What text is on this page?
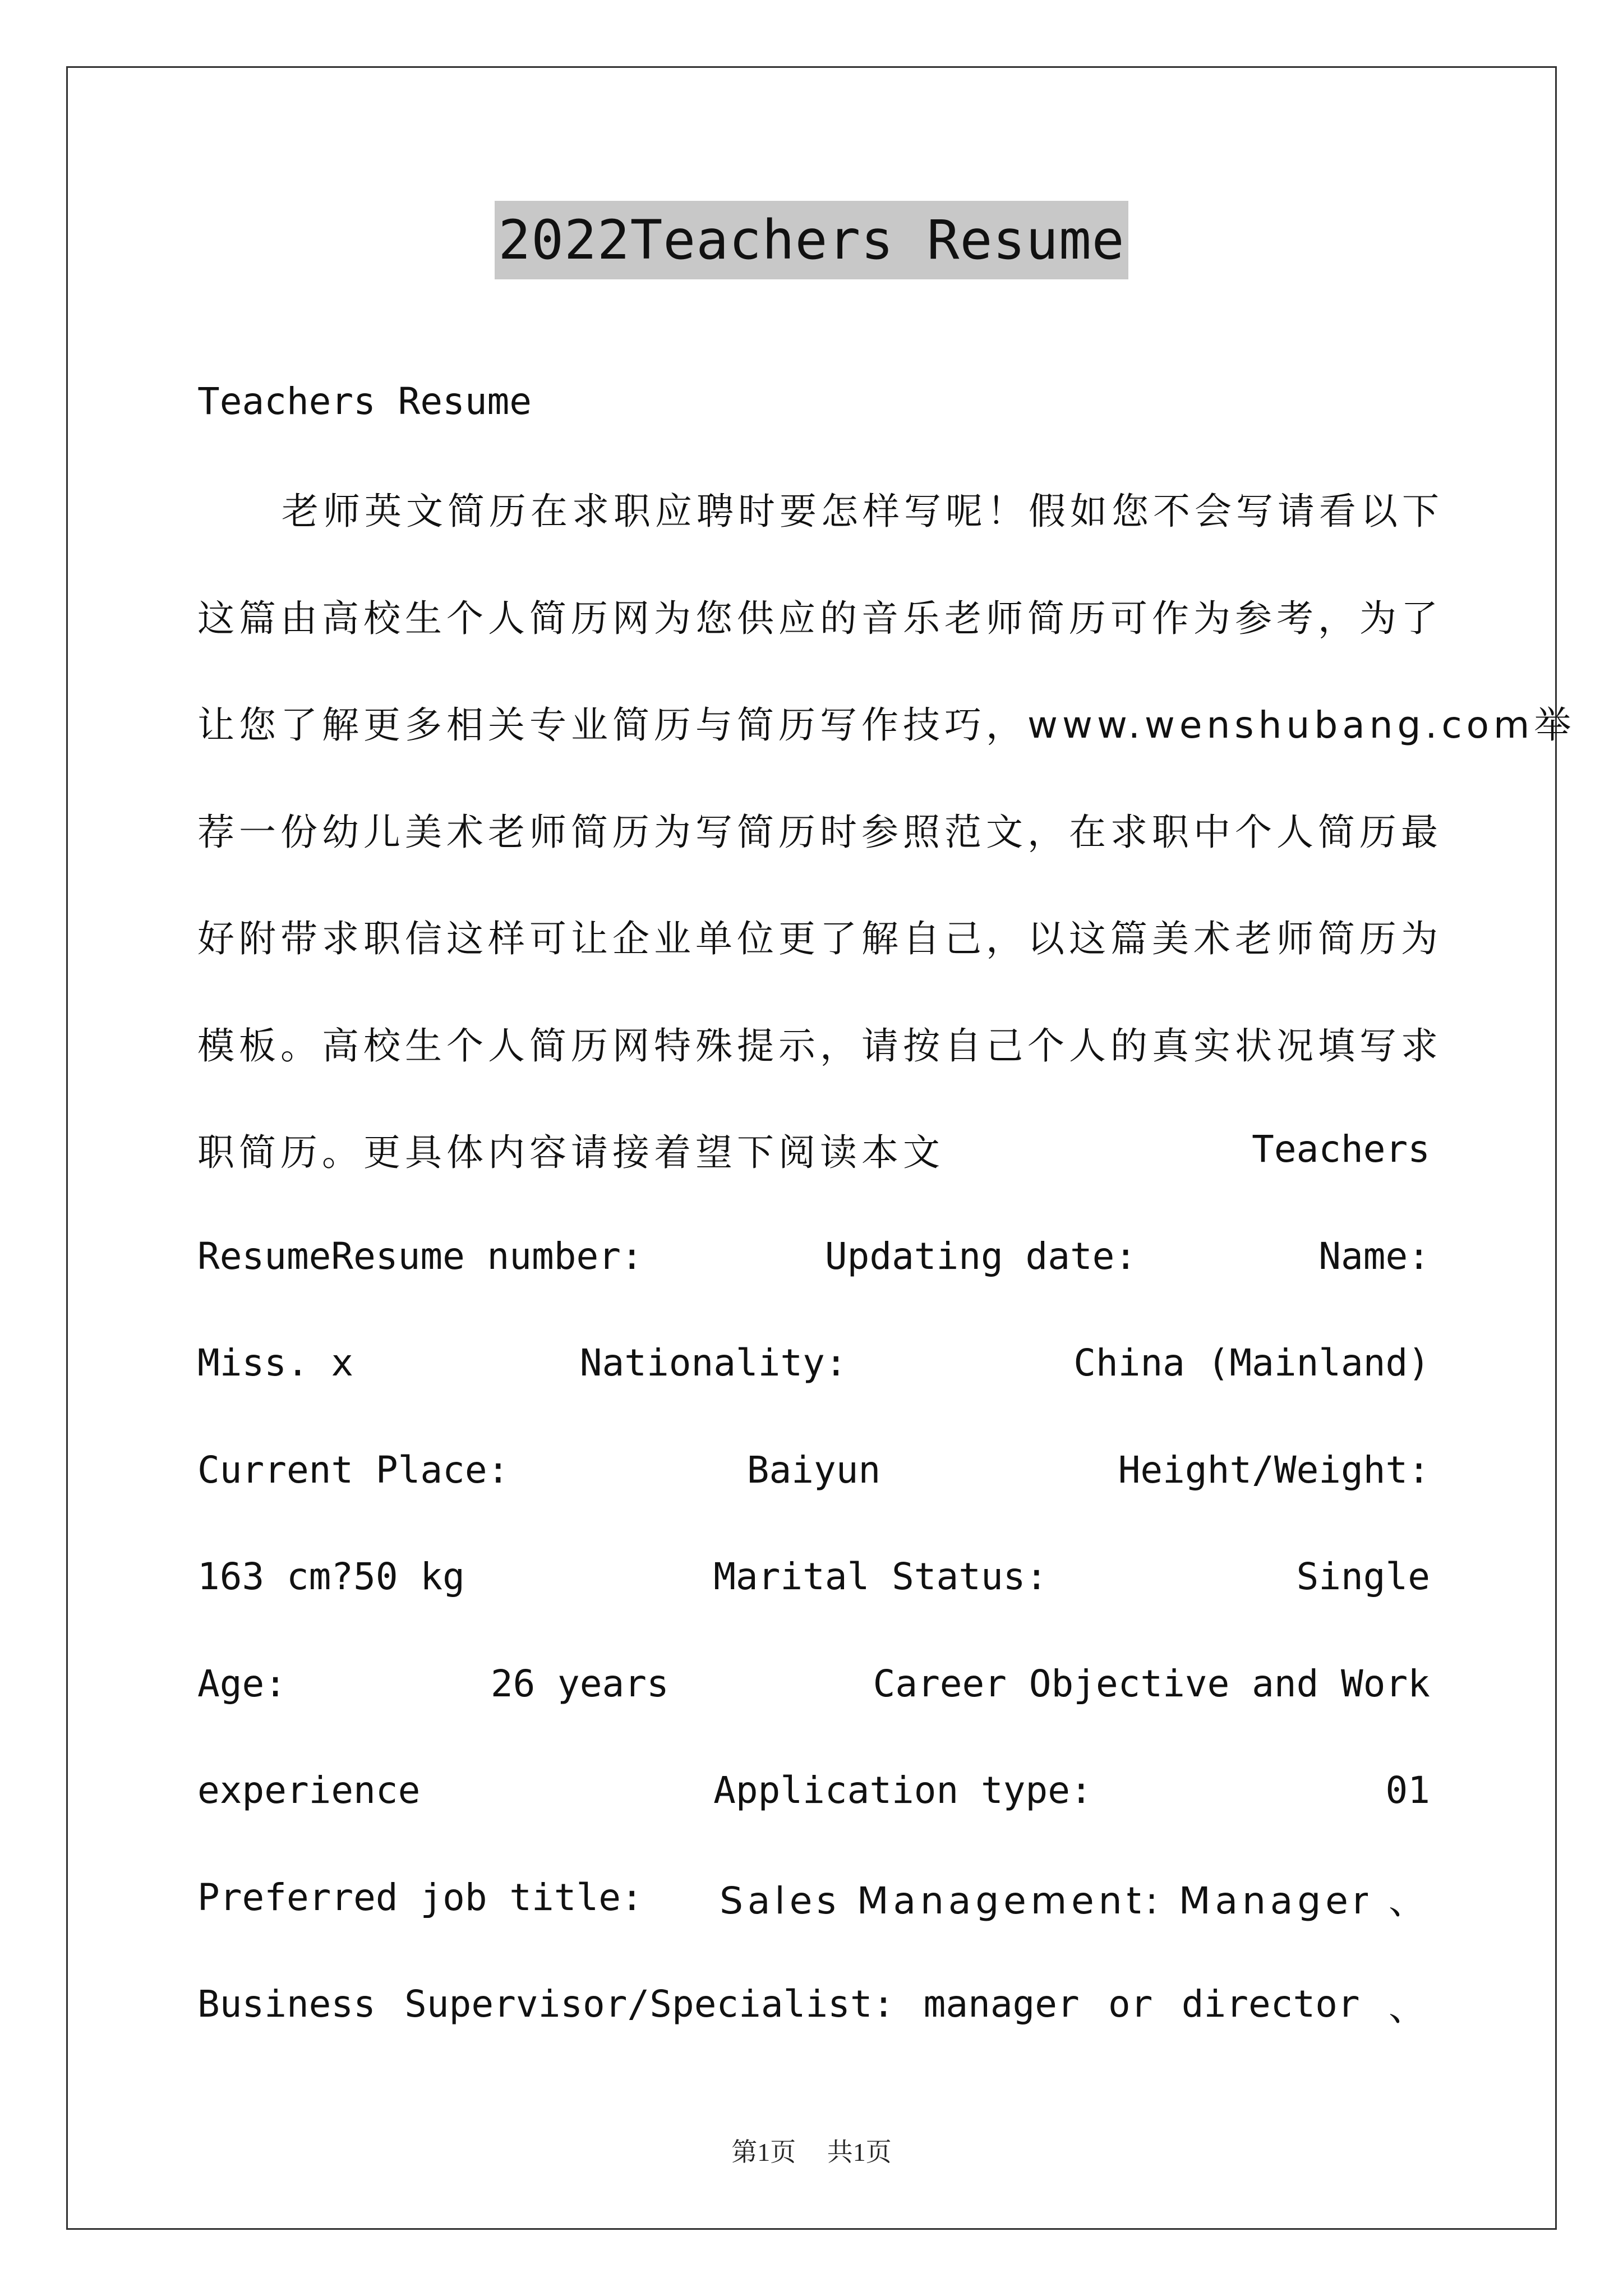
2022Teachers Resume
Teachers Resume
老师英文简历在求职应聘时要怎样写呢！假如您不会写请看以下
这篇由高校生个人简历网为您供应的音乐老师简历可作为参考，为了
让您了解更多相关专业简历与简历写作技巧，www.wenshubang.com举
荐一份幼儿美术老师简历为写简历时参照范文，在求职中个人简历最
好附带求职信这样可让企业单位更了解自己，以这篇美术老师简历为
模板。高校生个人简历网特殊提示，请按自己个人的真实状况填写求
职简历。更具体内容请接着望下阅读本文	Teachers
ResumeResume number:	Updating date:	Name:
Miss. x	Nationality:	China (Mainland)
Current Place:	Baiyun	Height/Weight:
163 cm?50 kg	Marital Status:	Single
Age:	26 years	Career Objective and Work
experience	Application type:	01
Preferred job title: Sales Management: Manager 、
Business Supervisor/Specialist: manager or director 、
第1页 共1页
